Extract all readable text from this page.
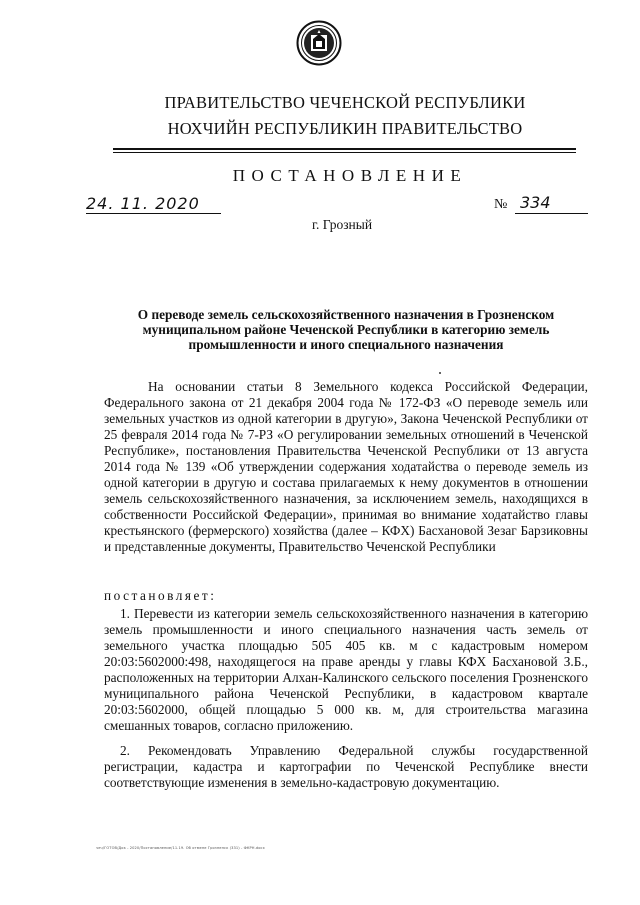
ПРАВИТЕЛЬСТВО ЧЕЧЕНСКОЙ РЕСПУБЛИКИ
НОХЧИЙН РЕСПУБЛИКИН ПРАВИТЕЛЬСТВО
ПОСТАНОВЛЕНИЕ
24. 11. 2020	№ 334
г. Грозный
О переводе земель сельскохозяйственного назначения в Грозненском муниципальном районе Чеченской Республики в категорию земель промышленности и иного специального назначения

На основании статьи 8 Земельного кодекса Российской Федерации, Федерального закона от 21 декабря 2004 года № 172-ФЗ «О переводе земель или земельных участков из одной категории в другую», Закона Чеченской Республики от 25 февраля 2014 года № 7-РЗ «О регулировании земельных отношений в Чеченской Республике», постановления Правительства Чеченской Республики от 13 августа 2014 года № 139 «Об утверждении содержания ходатайства о переводе земель из одной категории в другую и состава прилагаемых к нему документов в отношении земель сельскохозяйственного назначения, за исключением земель, находящихся в собственности Российской Федерации», принимая во внимание ходатайство главы крестьянского (фермерского) хозяйства (далее – КФХ) Басхановой Зезаг Барзиковны и представленные документы, Правительство Чеченской Республики

постановляет:

1. Перевести из категории земель сельскохозяйственного назначения в категорию земель промышленности и иного специального назначения часть земель от земельного участка площадью 505 405 кв. м с кадастровым номером 20:03:5602000:498, находящегося на праве аренды у главы КФХ Басхановой З.Б., расположенных на территории Алхан-Калинского сельского поселения Грозненского муниципального района Чеченской Республики, в кадастровом квартале 20:03:5602000, общей площадью 5 000 кв. м, для строительства магазина смешанных товаров, согласно приложению.

2. Рекомендовать Управлению Федеральной службы государственной регистрации, кадастра и картографии по Чеченской Республике внести соответствующие изменения в земельно-кадастровую документацию.

чеч/ГОТОВ/Док - 2020/Постановление/11.19. Об отмене Грозненск (331) - ФКРН.docx
